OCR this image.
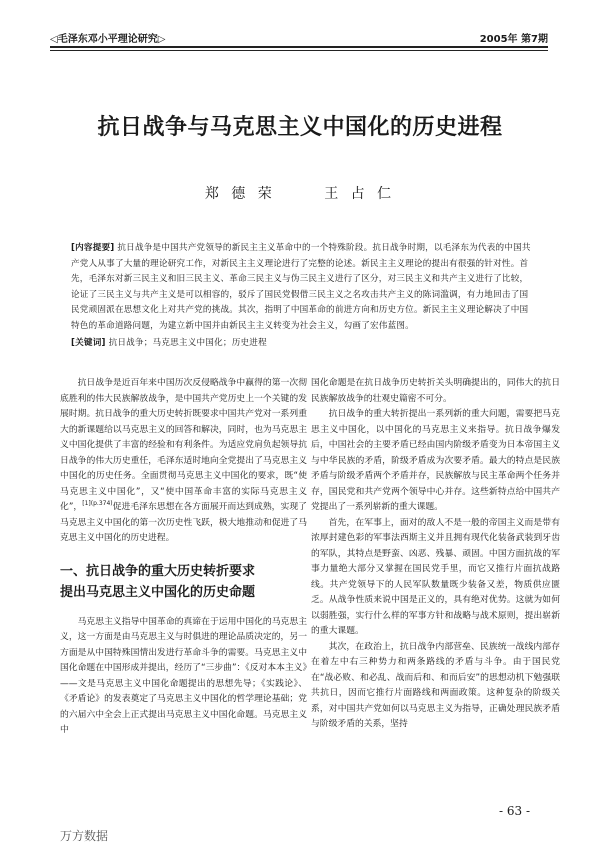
◁毛泽东邓小平理论研究▷	2005年 第7期
抗日战争与马克思主义中国化的历史进程
郑 德 荣	王 占 仁
[内容提要] 抗日战争是中国共产党领导的新民主主义革命中的一个特殊阶段。抗日战争时期，以毛泽东为代表的中国共产党人从事了大量的理论研究工作，对新民主主义理论进行了完整的论述。新民主主义理论的提出有很强的针对性。首先，毛泽东对新三民主义和旧三民主义、革命三民主义与伪三民主义进行了区分，对三民主义和共产主义进行了比较，论证了三民主义与共产主义是可以相容的，驳斥了国民党假借三民主义之名攻击共产主义的陈词滥调，有力地回击了国民党顽固派在思想文化上对共产党的挑战。其次，指明了中国革命的前进方向和历史方位。新民主主义理论解决了中国特色的革命道路问题，为建立新中国并由新民主主义转变为社会主义，勾画了宏伟蓝图。
[关键词] 抗日战争；马克思主义中国化；历史进程

抗日战争是近百年来中国历次反侵略战争中赢得的第一次彻底胜利的伟大民族解放战争，是中国共产党历史上一个关键的发展时期。抗日战争的重大历史转折既要求中国共产党对一系列重大的新课题给以马克思主义的回答和解决，同时，也为马克思主义中国化提供了丰富的经验和有利条件。为适应党肩负起领导抗日战争的伟大历史重任，毛泽东适时地向全党提出了马克思主义中国化的历史任务。全面贯彻马克思主义中国化的要求，既“使马克思主义中国化”，又“使中国革命丰富的实际马克思主义化”，$^{[1](p.374)}$促进毛泽东思想在各方面展开而达到成熟，实现了马克思主义中国化的第一次历史性飞跃，极大地推动和促进了马克思主义中国化的历史进程。

一、抗日战争的重大历史转折要求
提出马克思主义中国化的历史命题

马克思主义指导中国革命的真谛在于运用中国化的马克思主义，这一方面是由马克思主义与时俱进的理论品质决定的，另一方面是从中国特殊国情出发进行革命斗争的需要。马克思主义中国化命题在中国形成并提出，经历了“三步曲”：《反对本本主义》——文是马克思主义中国化命题提出的思想先导；《实践论》、《矛盾论》的发表奠定了马克思主义中国化的哲学理论基础；党的六届六中全会上正式提出马克思主义中国化命题。马克思主义中

国化命题是在抗日战争历史转折关头明确提出的，同伟大的抗日民族解放战争的壮观史篇密不可分。

抗日战争的重大转折提出一系列新的重大问题，需要把马克思主义中国化，以中国化的马克思主义来指导。抗日战争爆发后，中国社会的主要矛盾已经由国内阶级矛盾变为日本帝国主义与中华民族的矛盾，阶级矛盾成为次要矛盾。最大的特点是民族矛盾与阶级矛盾两个矛盾并存，民族解放与民主革命两个任务并存，国民党和共产党两个领导中心并存。这些新特点给中国共产党提出了一系列崭新的重大课题。

首先，在军事上，面对的敌人不是一般的帝国主义而是带有浓厚封建色彩的军事法西斯主义并且拥有现代化装备武装到牙齿的军队，其特点是野蛮、凶恶、残暴、顽固。中国方面抗战的军事力量绝大部分又掌握在国民党手里，而它又推行片面抗战路线。共产党领导下的人民军队数量既少装备又差，物质供应匮乏。从战争性质来说中国是正义的，具有绝对优势。这就为如何以弱胜强，实行什么样的军事方针和战略与战术原则，提出崭新的重大课题。

其次，在政治上，抗日战争内部营垒、民族统一战线内部存在着左中右三种势力和两条路线的矛盾与斗争。由于国民党在“战必败、和必乱、战而后和、和而后安”的思想动机下勉强联共抗日，因而它推行片面路线和两面政策。这种复杂的阶级关系，对中国共产党如何以马克思主义为指导，正确处理民族矛盾与阶级矛盾的关系，坚持

- 63 -
万方数据
